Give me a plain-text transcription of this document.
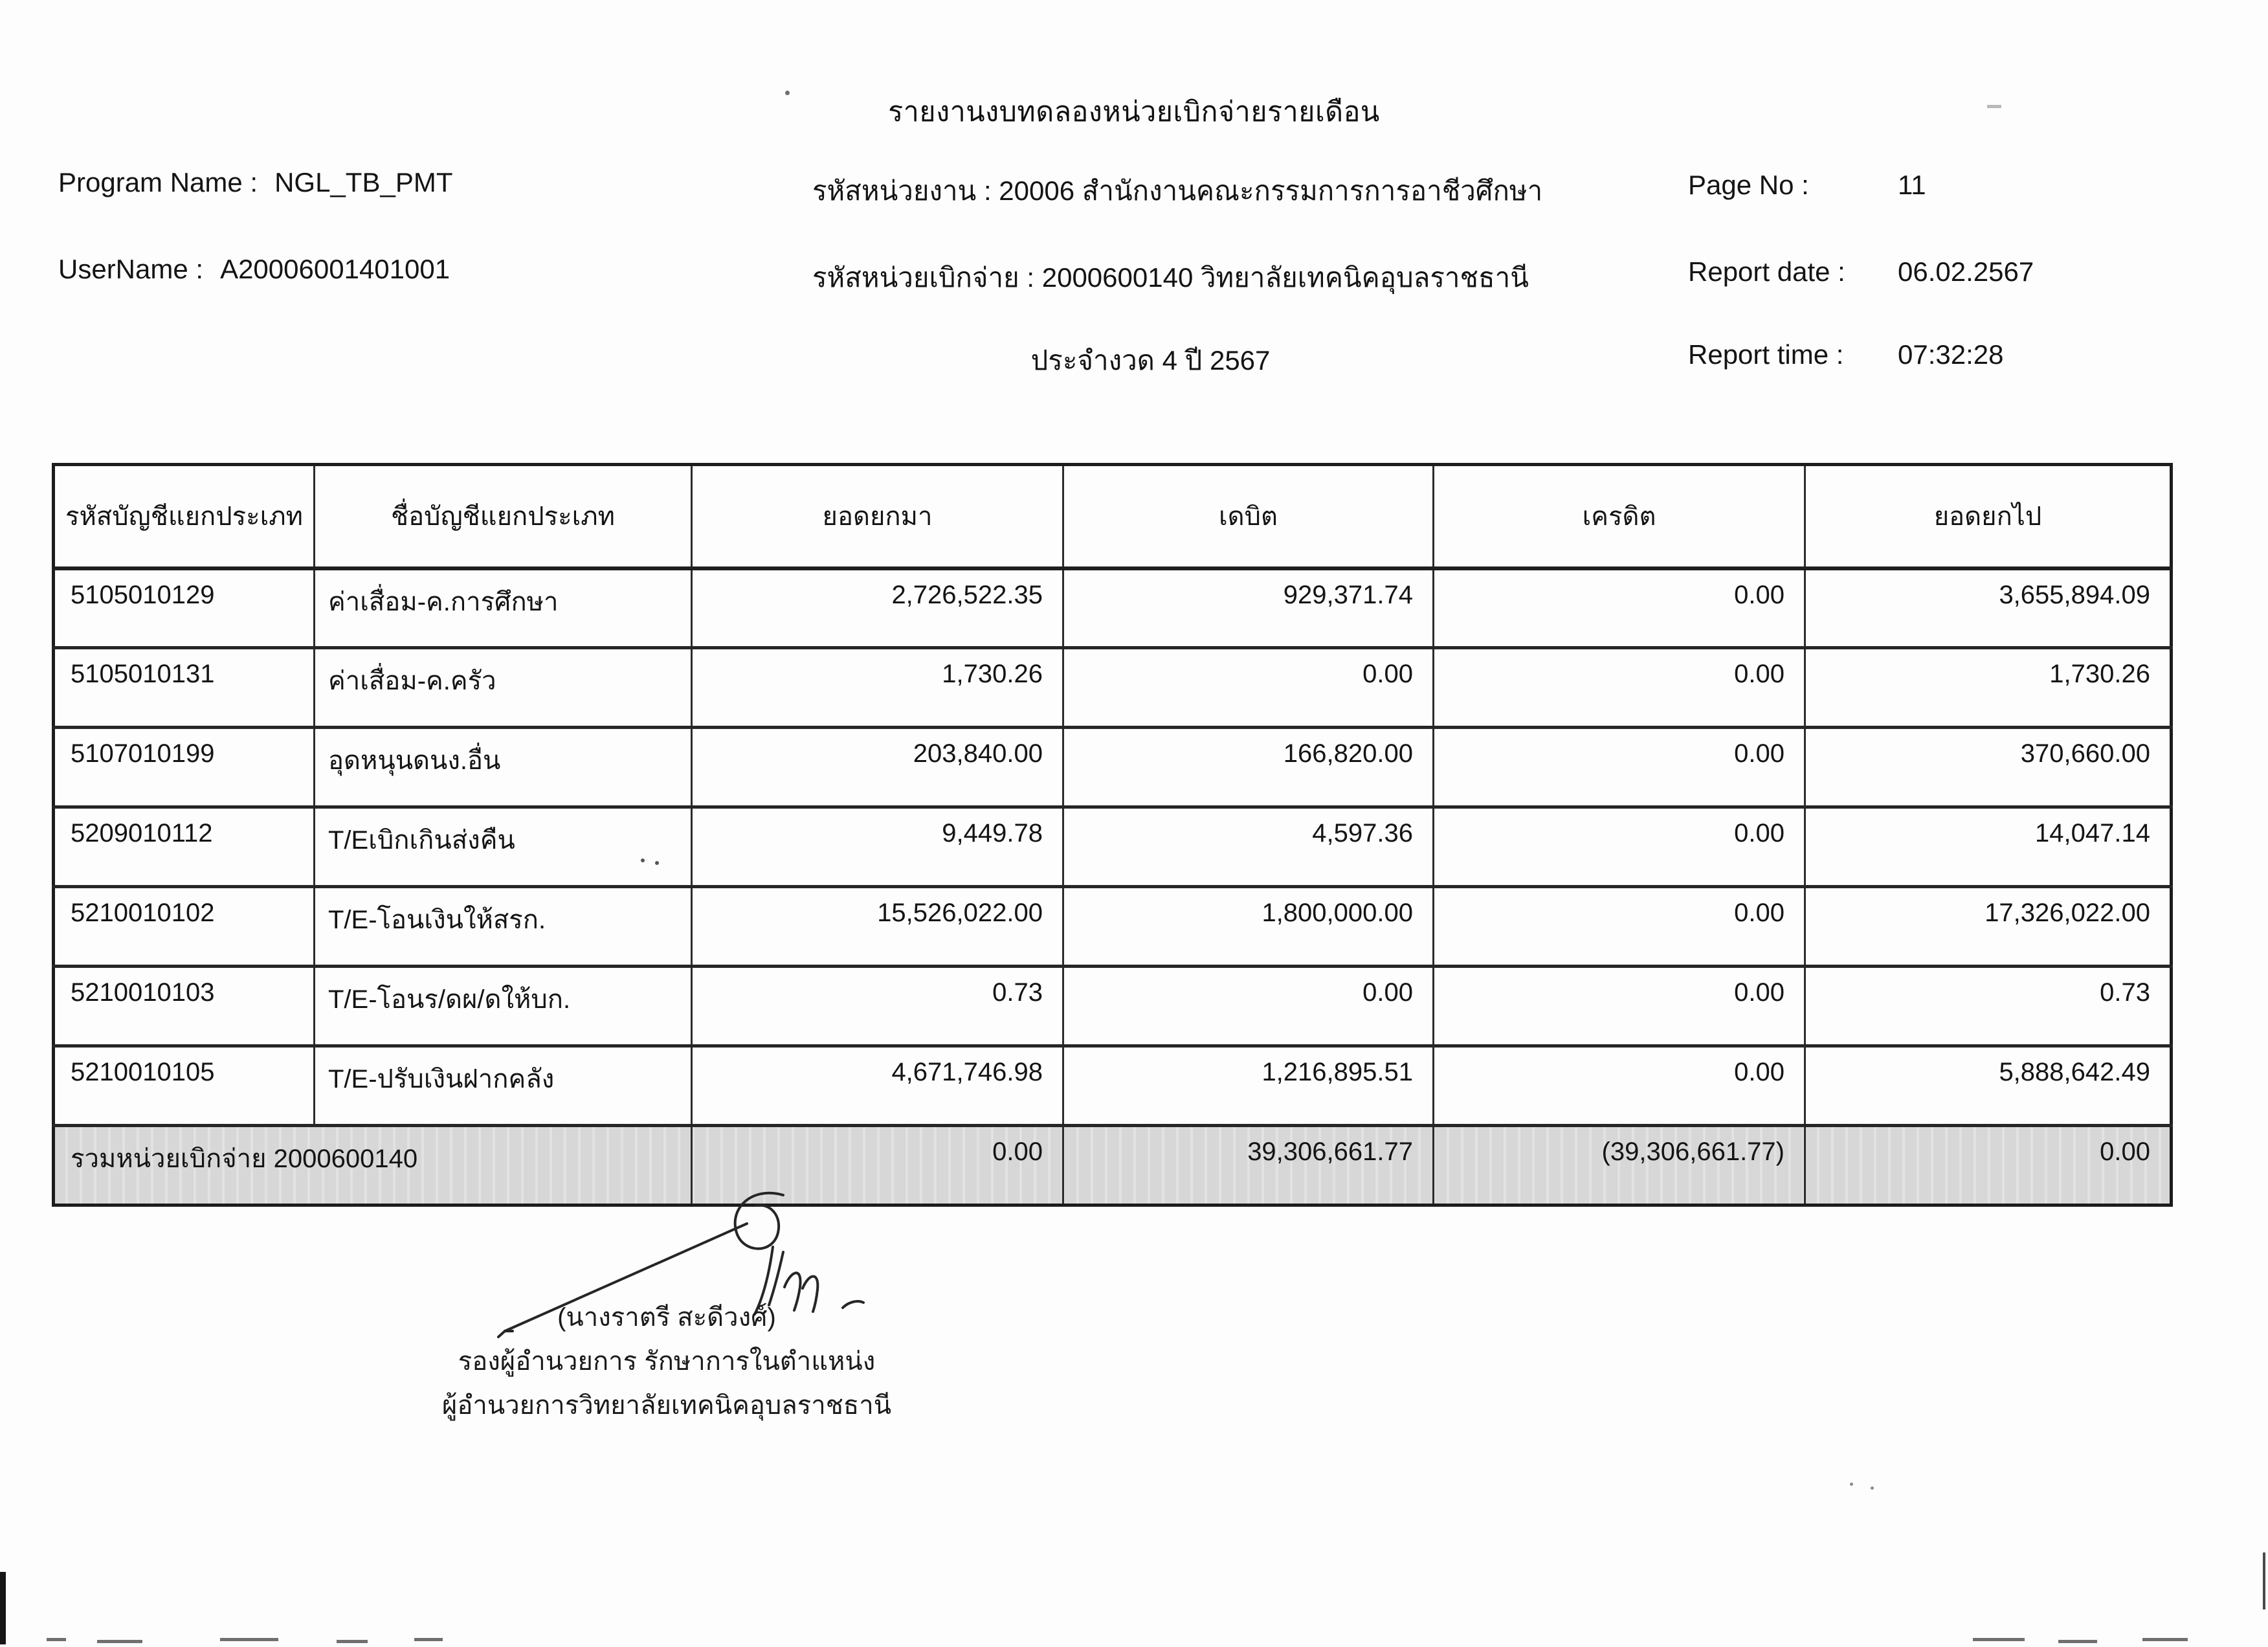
รายงานงบทดลองหน่วยเบิกจ่ายรายเดือน
Program Name : NGL_TB_PMT
UserName : A20006001401001
รหัสหน่วยงาน : 20006 สำนักงานคณะกรรมการการอาชีวศึกษา
รหัสหน่วยเบิกจ่าย : 2000600140 วิทยาลัยเทคนิคอุบลราชธานี
ประจำงวด 4 ปี 2567
Page No :	11
Report date : 06.02.2567
Report time : 07:32:28
รหัสบัญชีแยกประเภท	ชื่อบัญชีแยกประเภท	ยอดยกมา	เดบิต	เครดิต	ยอดยกไป
5105010129	ค่าเสื่อม-ค.การศึกษา	2,726,522.35	929,371.74	0.00	3,655,894.09
5105010131	ค่าเสื่อม-ค.ครัว	1,730.26	0.00	0.00	1,730.26
5107010199	อุดหนุนดนง.อื่น	203,840.00	166,820.00	0.00	370,660.00
5209010112	T/Eเบิกเกินส่งคืน	9,449.78	4,597.36	0.00	14,047.14
5210010102	T/E-โอนเงินให้สรก.	15,526,022.00	1,800,000.00	0.00	17,326,022.00
5210010103	T/E-โอนร/ดผ/ดให้บก.	0.73	0.00	0.00	0.73
5210010105	T/E-ปรับเงินฝากคลัง	4,671,746.98	1,216,895.51	0.00	5,888,642.49
รวมหน่วยเบิกจ่าย 2000600140		0.00	39,306,661.77	(39,306,661.77)	0.00
(นางราตรี สะดีวงศ์)
รองผู้อำนวยการ รักษาการในตำแหน่ง
ผู้อำนวยการวิทยาลัยเทคนิคอุบลราชธานี
